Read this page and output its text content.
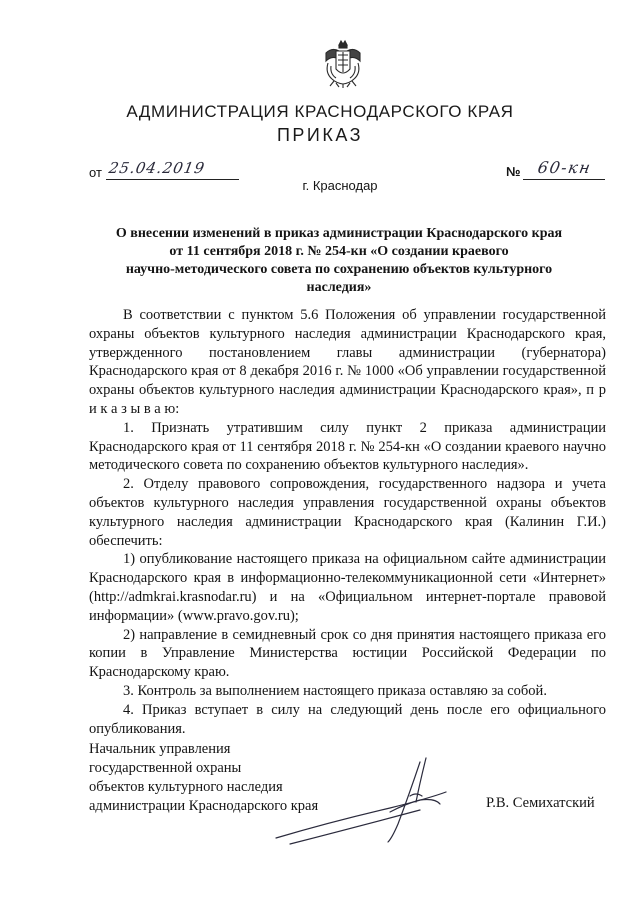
АДМИНИСТРАЦИЯ КРАСНОДАРСКОГО КРАЯ
ПРИКАЗ
от 25.04.2019	№ 60-кн
г. Краснодар
О внесении изменений в приказ администрации Краснодарского края
от 11 сентября 2018 г. № 254-кн «О создании краевого
научно-методического совета по сохранению объектов культурного
наследия»

В соответствии с пунктом 5.6 Положения об управлении государственной охраны объектов культурного наследия администрации Краснодарского края, утвержденного постановлением главы администрации (губернатора) Краснодарского края от 8 декабря 2016 г. № 1000 «Об управлении государственной охраны объектов культурного наследия администрации Краснодарского края», п р и к а з ы в а ю:

1. Признать утратившим силу пункт 2 приказа администрации Краснодарского края от 11 сентября 2018 г. № 254-кн «О создании краевого научно методического совета по сохранению объектов культурного наследия».

2. Отделу правового сопровождения, государственного надзора и учета объектов культурного наследия управления государственной охраны объектов культурного наследия администрации Краснодарского края (Калинин Г.И.) обеспечить:

1) опубликование настоящего приказа на официальном сайте администрации Краснодарского края в информационно-телекоммуникационной сети «Интернет» (http://admkrai.krasnodar.ru) и на «Официальном интернет-портале правовой информации» (www.pravo.gov.ru);

2) направление в семидневный срок со дня принятия настоящего приказа его копии в Управление Министерства юстиции Российской Федерации по Краснодарскому краю.

3. Контроль за выполнением настоящего приказа оставляю за собой.

4. Приказ вступает в силу на следующий день после его официального опубликования.

Начальник управления
государственной охраны
объектов культурного наследия
администрации Краснодарского края	Р.В. Семихатский
